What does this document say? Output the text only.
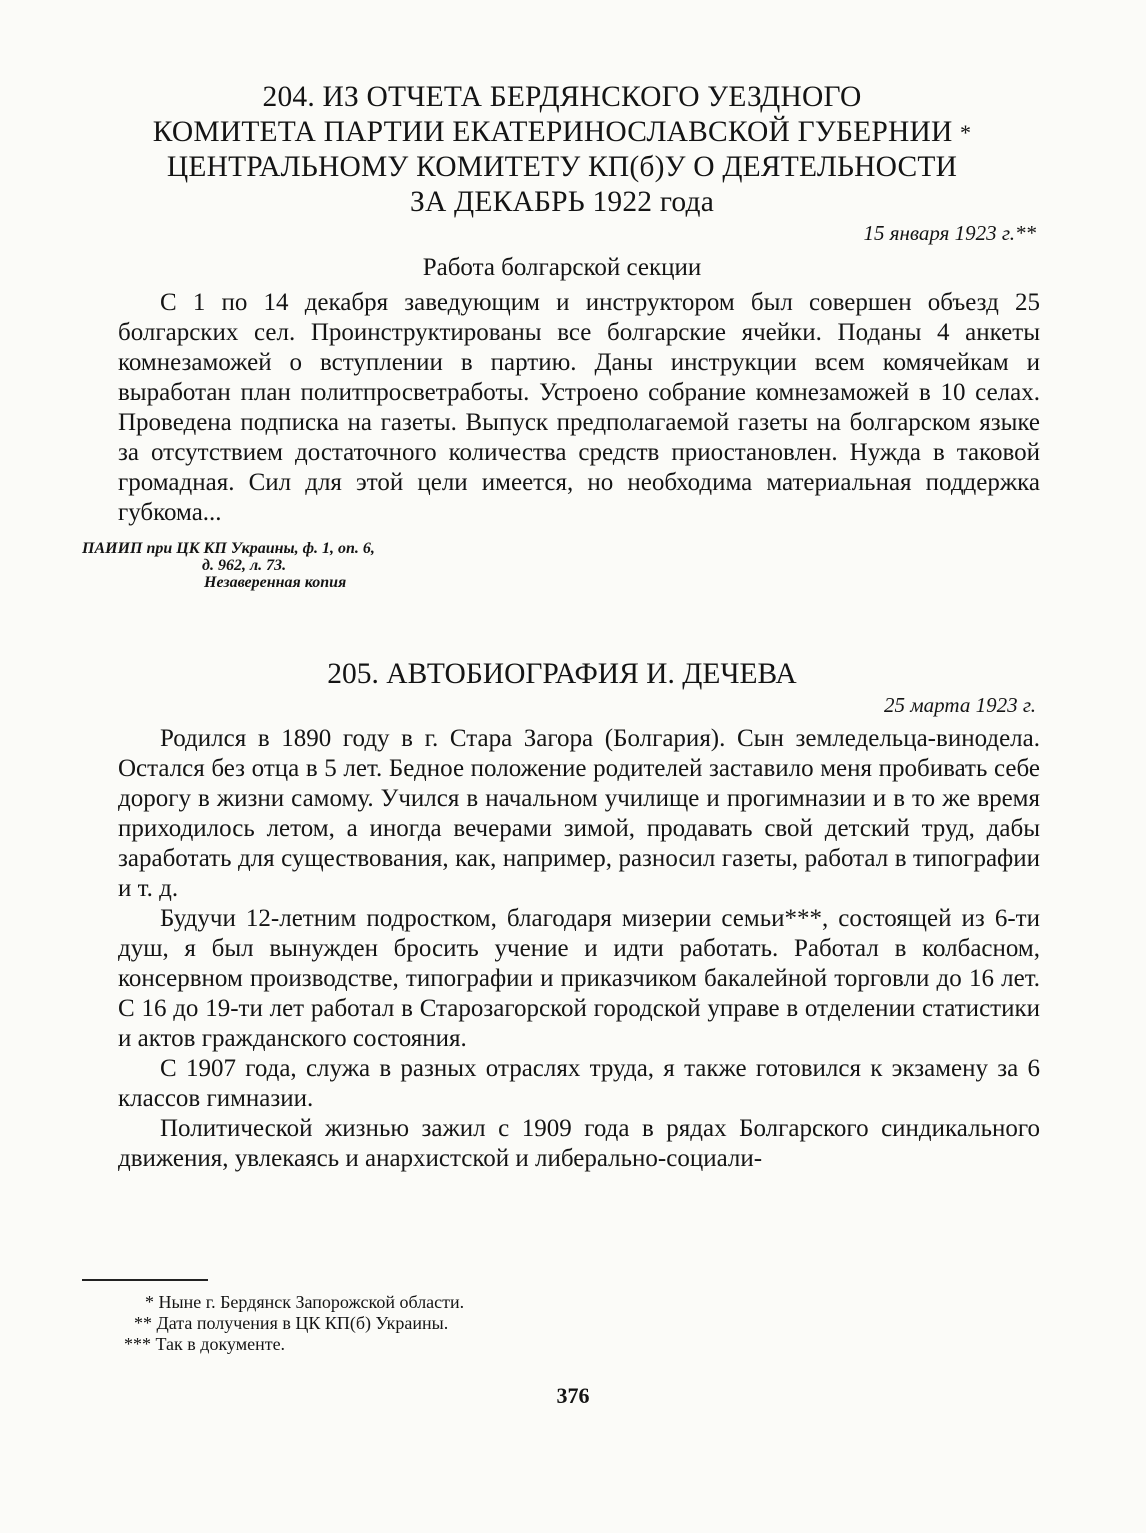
204. ИЗ ОТЧЕТА БЕРДЯНСКОГО УЕЗДНОГО
КОМИТЕТА ПАРТИИ ЕКАТЕРИНОСЛАВСКОЙ ГУБЕРНИИ *
ЦЕНТРАЛЬНОМУ КОМИТЕТУ КП(б)У О ДЕЯТЕЛЬНОСТИ
ЗА ДЕКАБРЬ 1922 года

15 января 1923 г.**

Работа болгарской секции

С 1 по 14 декабря заведующим и инструктором был совершен объезд 25 болгарских сел. Проинструктированы все болгарские ячейки. Поданы 4 анкеты комнезаможей о вступлении в партию. Даны инструкции всем комячейкам и выработан план политпросветработы. Устроено собрание комнезаможей в 10 селах. Проведена подписка на газеты. Выпуск предполагаемой газеты на болгарском языке за отсутствием достаточного количества средств приостановлен. Нужда в таковой громадная. Сил для этой цели имеется, но необходима материальная поддержка губкома...

ПАИИП при ЦК КП Украины, ф. 1, оп. 6,
д. 962, л. 73.
Незаверенная копия
205. АВТОБИОГРАФИЯ И. ДЕЧЕВА

25 марта 1923 г.

Родился в 1890 году в г. Стара Загора (Болгария). Сын земледельца-винодела. Остался без отца в 5 лет. Бедное положение родителей заставило меня пробивать себе дорогу в жизни самому. Учился в начальном училище и прогимназии и в то же время приходилось летом, а иногда вечерами зимой, продавать свой детский труд, дабы заработать для существования, как, например, разносил газеты, работал в типографии и т. д.

Будучи 12-летним подростком, благодаря мизерии семьи***, состоящей из 6-ти душ, я был вынужден бросить учение и идти работать. Работал в колбасном, консервном производстве, типографии и приказчиком бакалейной торговли до 16 лет. С 16 до 19-ти лет работал в Старозагорской городской управе в отделении статистики и актов гражданского состояния.

С 1907 года, служа в разных отраслях труда, я также готовился к экзамену за 6 классов гимназии.

Политической жизнью зажил с 1909 года в рядах Болгарского синдикального движения, увлекаясь и анархистской и либерально-социали-

* Ныне г. Бердянск Запорожской области.
** Дата получения в ЦК КП(б) Украины.
*** Так в документе.
376
